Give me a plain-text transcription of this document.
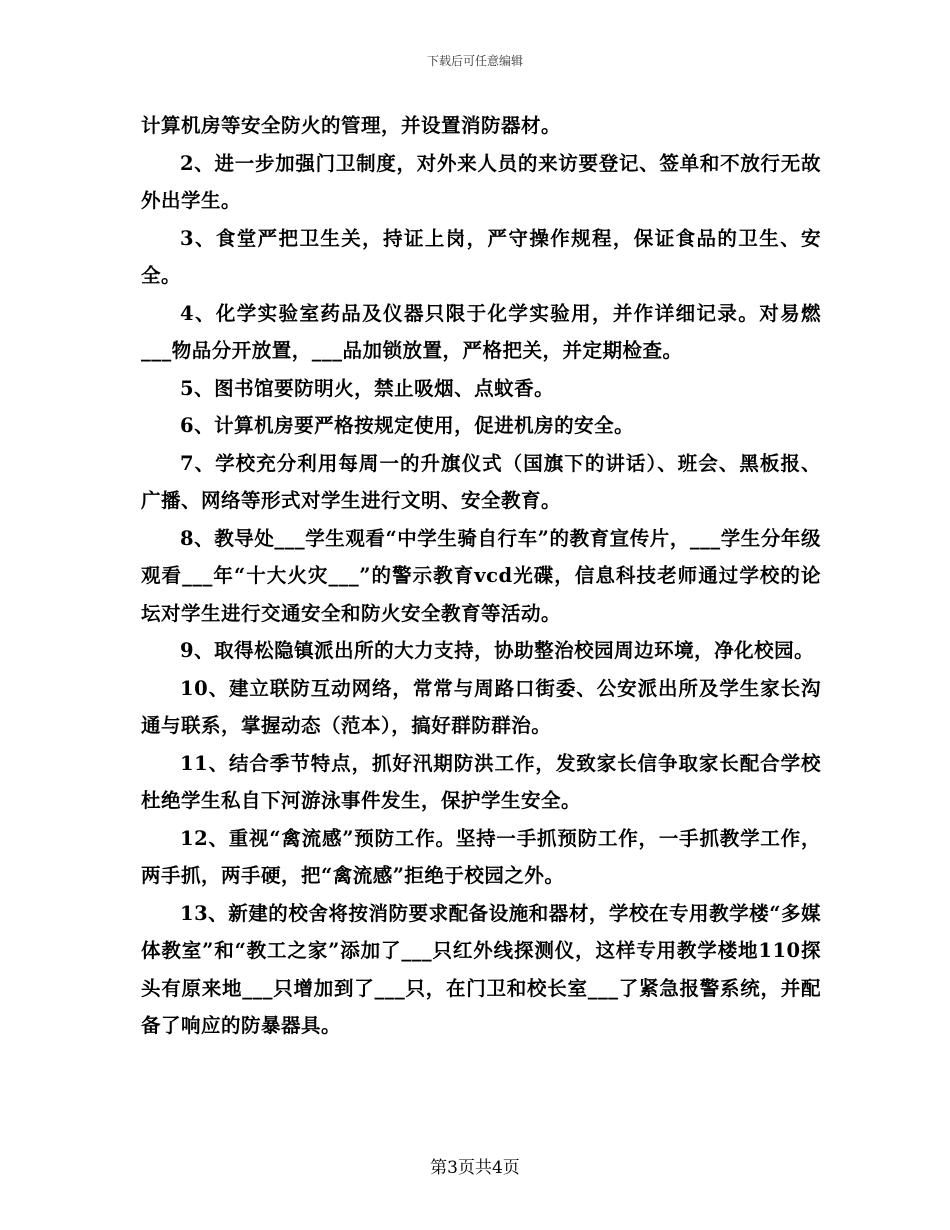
下载后可任意编辑

计算机房等安全防火的管理，并设置消防器材。

2、进一步加强门卫制度，对外来人员的来访要登记、签单和不放行无故外出学生。

3、食堂严把卫生关，持证上岗，严守操作规程，保证食品的卫生、安全。

4、化学实验室药品及仪器只限于化学实验用，并作详细记录。对易燃___物品分开放置，___品加锁放置，严格把关，并定期检查。

5、图书馆要防明火，禁止吸烟、点蚊香。

6、计算机房要严格按规定使用，促进机房的安全。

7、学校充分利用每周一的升旗仪式（国旗下的讲话）、班会、黑板报、广播、网络等形式对学生进行文明、安全教育。

8、教导处___学生观看“中学生骑自行车”的教育宣传片，___学生分年级观看___年“十大火灾___”的警示教育vcd光碟，信息科技老师通过学校的论坛对学生进行交通安全和防火安全教育等活动。

9、取得松隐镇派出所的大力支持，协助整治校园周边环境，净化校园。

10、建立联防互动网络，常常与周路口街委、公安派出所及学生家长沟通与联系，掌握动态（范本），搞好群防群治。

11、结合季节特点，抓好汛期防洪工作，发致家长信争取家长配合学校杜绝学生私自下河游泳事件发生，保护学生安全。

12、重视“禽流感”预防工作。坚持一手抓预防工作，一手抓教学工作，两手抓，两手硬，把“禽流感”拒绝于校园之外。

13、新建的校舍将按消防要求配备设施和器材，学校在专用教学楼“多媒体教室”和“教工之家”添加了___只红外线探测仪，这样专用教学楼地110探头有原来地___只增加到了___只，在门卫和校长室___了紧急报警系统，并配备了响应的防暴器具。

第3页共4页
